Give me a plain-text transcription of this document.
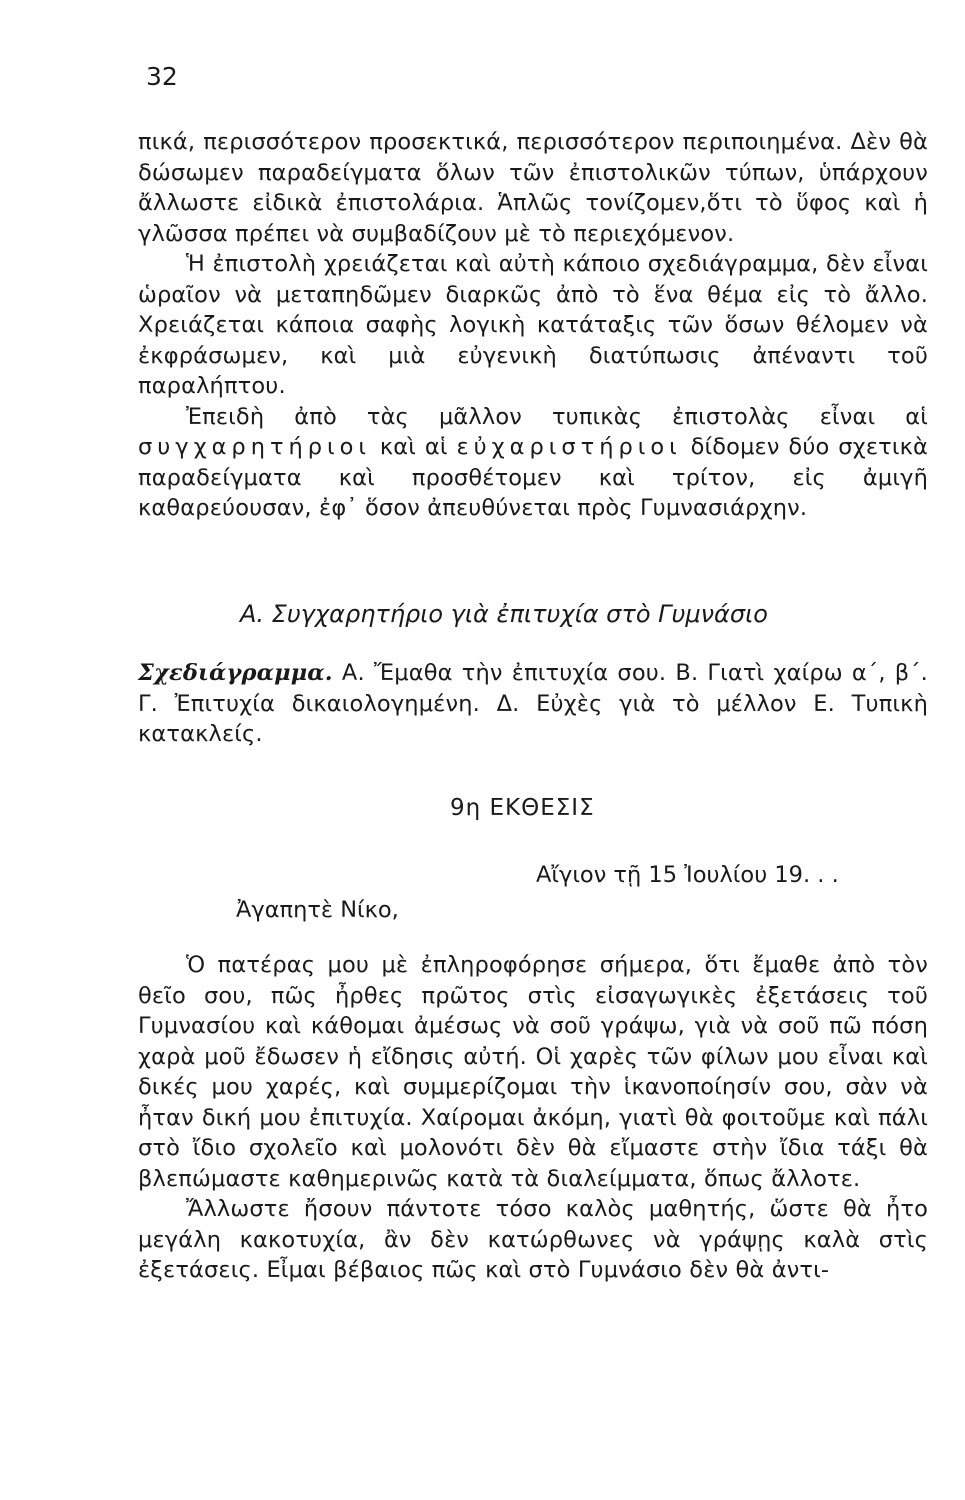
32

πικά, περισσότερον προσεκτικά, περισσότερον περιποιημένα. Δὲν θὰ δώσωμεν παραδείγματα ὅλων τῶν ἐπιστολικῶν τύπων, ὑπάρχουν ἄλλωστε εἰδικὰ ἐπιστολάρια. Ἁπλῶς τονίζομεν,ὅτι τὸ ὕφος καὶ ἡ γλῶσσα πρέπει νὰ συμβαδίζουν μὲ τὸ περιεχόμενον.

Ἡ ἐπιστολὴ χρειάζεται καὶ αὐτὴ κάποιο σχεδιάγραμμα, δὲν εἶναι ὡραῖον νὰ μεταπηδῶμεν διαρκῶς ἀπὸ τὸ ἕνα θέμα εἰς τὸ ἄλλο. Χρειάζεται κάποια σαφὴς λογικὴ κατάταξις τῶν ὅσων θέλομεν νὰ ἐκφράσωμεν, καὶ μιὰ εὐγενικὴ διατύπωσις ἀπέναντι τοῦ παραλήπτου.

Ἐπειδὴ ἀπὸ τὰς μᾶλλον τυπικὰς ἐπιστολὰς εἶναι αἱ συγχαρητήριοι καὶ αἱ εὐχαριστήριοι δίδομεν δύο σχετικὰ παραδείγματα καὶ προσθέτομεν καὶ τρίτον, εἰς ἀμιγῆ καθαρεύουσαν, ἐφ᾽ ὅσον ἀπευθύνεται πρὸς Γυμνασιάρχην.

Α. Συγχαρητήριο γιὰ ἐπιτυχία στὸ Γυμνάσιο

Σχεδιάγραμμα. Α. Ἔμαθα τὴν ἐπιτυχία σου. Β. Γιατὶ χαίρω α΄, β΄. Γ. Ἐπιτυχία δικαιολογημένη. Δ. Εὐχὲς γιὰ τὸ μέλλον Ε. Τυπικὴ κατακλείς.

9η ΕΚΘΕΣΙΣ
Αἴγιον τῇ 15 Ἰουλίου 19. . .
Ἀγαπητὲ Νίκο,

Ὁ πατέρας μου μὲ ἐπληροφόρησε σήμερα, ὅτι ἔμαθε ἀπὸ τὸν θεῖο σου, πῶς ἦρθες πρῶτος στὶς εἰσαγωγικὲς ἐξετάσεις τοῦ Γυμνασίου καὶ κάθομαι ἀμέσως νὰ σοῦ γράψω, γιὰ νὰ σοῦ πῶ πόση χαρὰ μοῦ ἔδωσεν ἡ εἴδησις αὐτή. Οἱ χαρὲς τῶν φίλων μου εἶναι καὶ δικές μου χαρές, καὶ συμμερίζομαι τὴν ἱκανοποίησίν σου, σὰν νὰ ἦταν δική μου ἐπιτυχία. Χαίρομαι ἀκόμη, γιατὶ θὰ φοιτοῦμε καὶ πάλι στὸ ἴδιο σχολεῖο καὶ μολονότι δὲν θὰ εἴμαστε στὴν ἴδια τάξι θὰ βλεπώμαστε καθημερινῶς κατὰ τὰ διαλείμματα, ὅπως ἄλλοτε.

Ἄλλωστε ἤσουν πάντοτε τόσο καλὸς μαθητής, ὥστε θὰ ἦτο μεγάλη κακοτυχία, ἂν δὲν κατώρθωνες νὰ γράψῃς καλὰ στὶς ἐξετάσεις. Εἶμαι βέβαιος πῶς καὶ στὸ Γυμνάσιο δὲν θὰ ἀντι-
